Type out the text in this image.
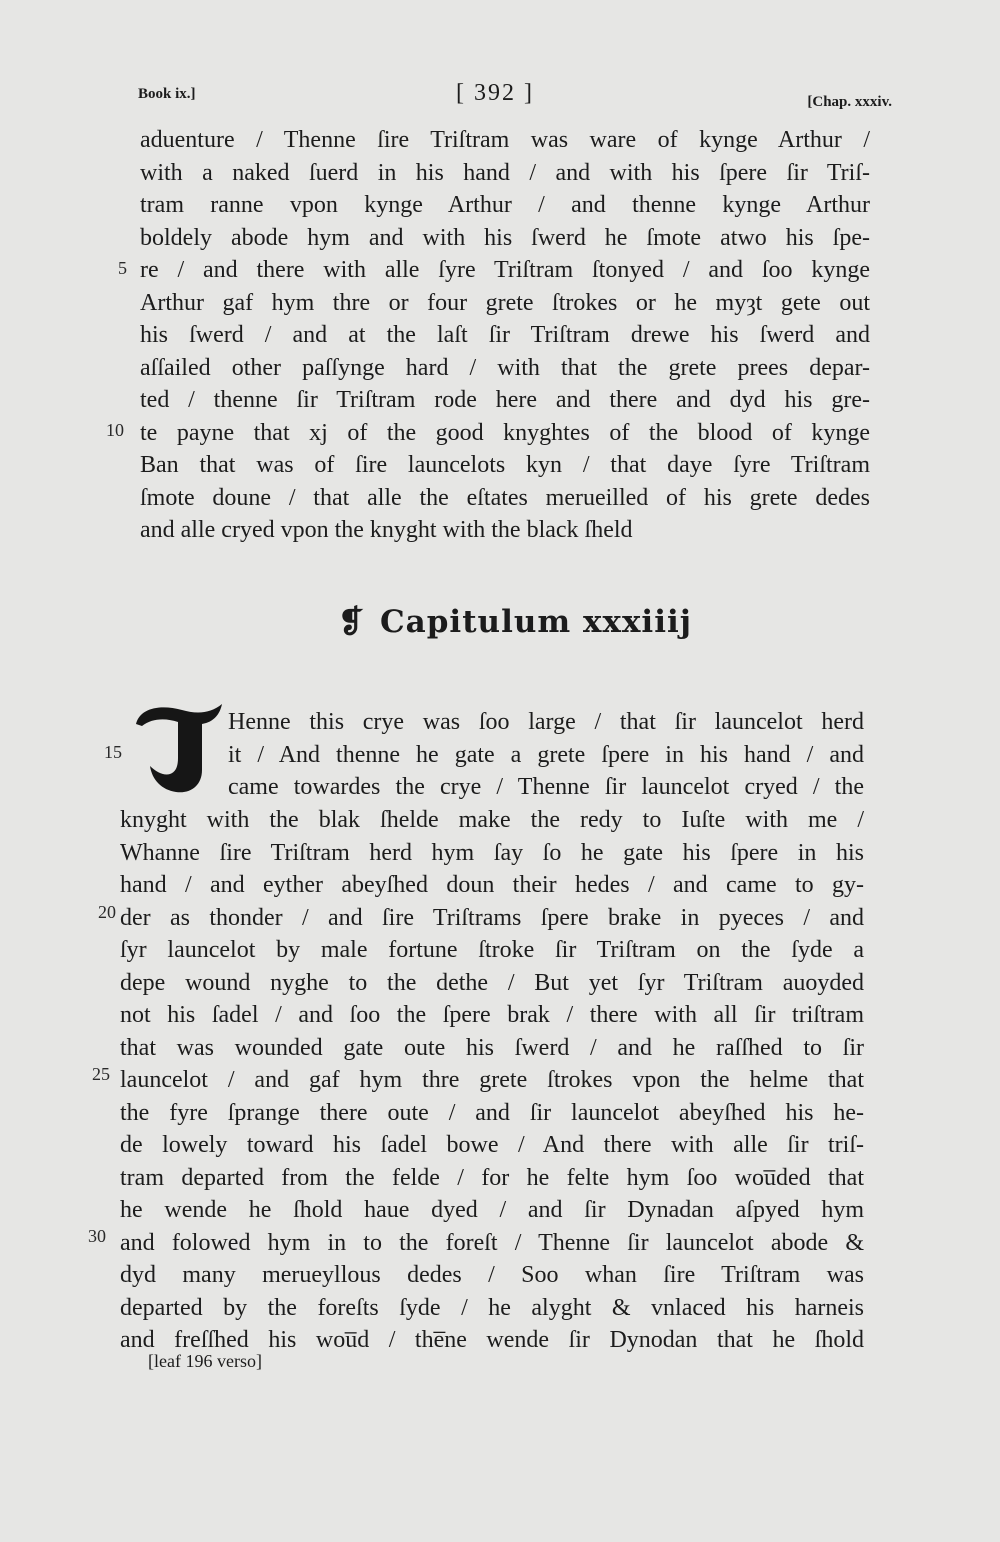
Book ix.]	[ 392 ]	[Chap. xxxiv.
aduenture / Thenne ſire Triſtram was ware of kynge Arthur /
with a naked ſuerd in his hand / and with his ſpere ſir Triſ-
tram ranne vpon kynge Arthur / and thenne kynge Arthur
boldely abode hym and with his ſwerd he ſmote atwo his ſpe-
re / and there with alle ſyre Triſtram ſtonyed / and ſoo kynge
Arthur gaf hym thre or four grete ſtrokes or he myȝt gete out
his ſwerd / and at the laſt ſir Triſtram drewe his ſwerd and
aſſailed other paſſynge hard / with that the grete prees depar-
ted / thenne ſir Triſtram rode here and there and dyd his gre-
te payne that xj of the good knyghtes of the blood of kynge
Ban that was of ſire launcelots kyn / that daye ſyre Triſtram
ſmote doune / that alle the eſtates merueilled of his grete dedes
and alle cryed vpon the knyght with the black ſheld
5
10
❡ Capitulum xxxiiij
T
Henne this crye was ſoo large / that ſir launcelot herd
it / And thenne he gate a grete ſpere in his hand / and
came towardes the crye / Thenne ſir launcelot cryed / the
15
knyght with the blak ſhelde make the redy to Iuſte with me /
Whanne ſire Triſtram herd hym ſay ſo he gate his ſpere in his
hand / and eyther abeyſhed doun their hedes / and came to gy-
der as thonder / and ſire Triſtrams ſpere brake in pyeces / and
ſyr launcelot by male fortune ſtroke ſir Triſtram on the ſyde a
depe wound nyghe to the dethe / But yet ſyr Triſtram auoyded
not his ſadel / and ſoo the ſpere brak / there with all ſir triſtram
that was wounded gate oute his ſwerd / and he raſſhed to ſir
launcelot / and gaf hym thre grete ſtrokes vpon the helme that
the fyre ſprange there oute / and ſir launcelot abeyſhed his he-
de lowely toward his ſadel bowe / And there with alle ſir triſ-
tram departed from the felde / for he felte hym ſoo wou̅ded that
he wende he ſhold haue dyed / and ſir Dynadan aſpyed hym
and folowed hym in to the foreſt / Thenne ſir launcelot abode &
dyd many merueyllous dedes / Soo whan ſire Triſtram was
departed by the foreſts ſyde / he alyght & vnlaced his harneis
and freſſhed his wou̅d / the̅ne wende ſir Dynodan that he ſhold
20
25
30
[leaf 196 verso]
